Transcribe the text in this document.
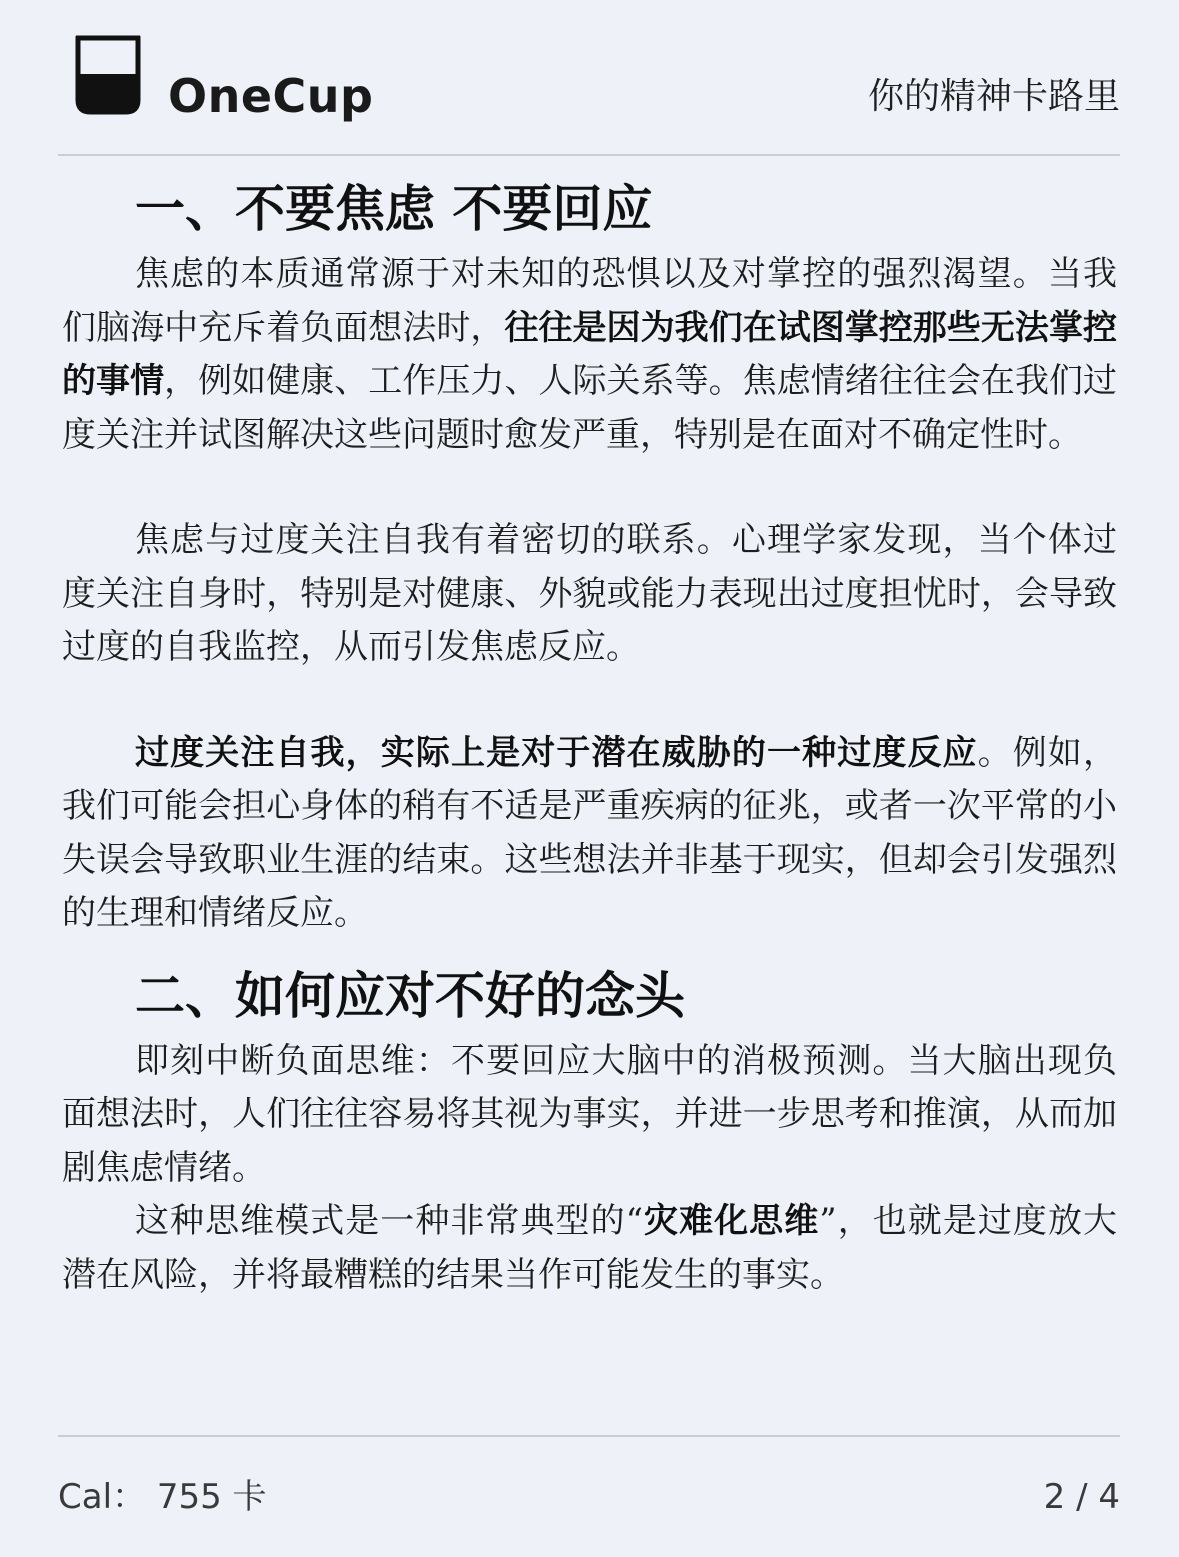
OneCup	你的精神卡路里
一、不要焦虑 不要回应

焦虑的本质通常源于对未知的恐惧以及对掌控的强烈渴望。当我们脑海中充斥着负面想法时，往往是因为我们在试图掌控那些无法掌控的事情，例如健康、工作压力、人际关系等。焦虑情绪往往会在我们过度关注并试图解决这些问题时愈发严重，特别是在面对不确定性时。

焦虑与过度关注自我有着密切的联系。心理学家发现，当个体过度关注自身时，特别是对健康、外貌或能力表现出过度担忧时，会导致过度的自我监控，从而引发焦虑反应。

过度关注自我，实际上是对于潜在威胁的一种过度反应。例如，我们可能会担心身体的稍有不适是严重疾病的征兆，或者一次平常的小失误会导致职业生涯的结束。这些想法并非基于现实，但却会引发强烈的生理和情绪反应。

二、如何应对不好的念头

即刻中断负面思维：不要回应大脑中的消极预测。当大脑出现负面想法时，人们往往容易将其视为事实，并进一步思考和推演，从而加剧焦虑情绪。

这种思维模式是一种非常典型的“灾难化思维”，也就是过度放大潜在风险，并将最糟糕的结果当作可能发生的事实。

Cal： 755 卡	2 / 4
